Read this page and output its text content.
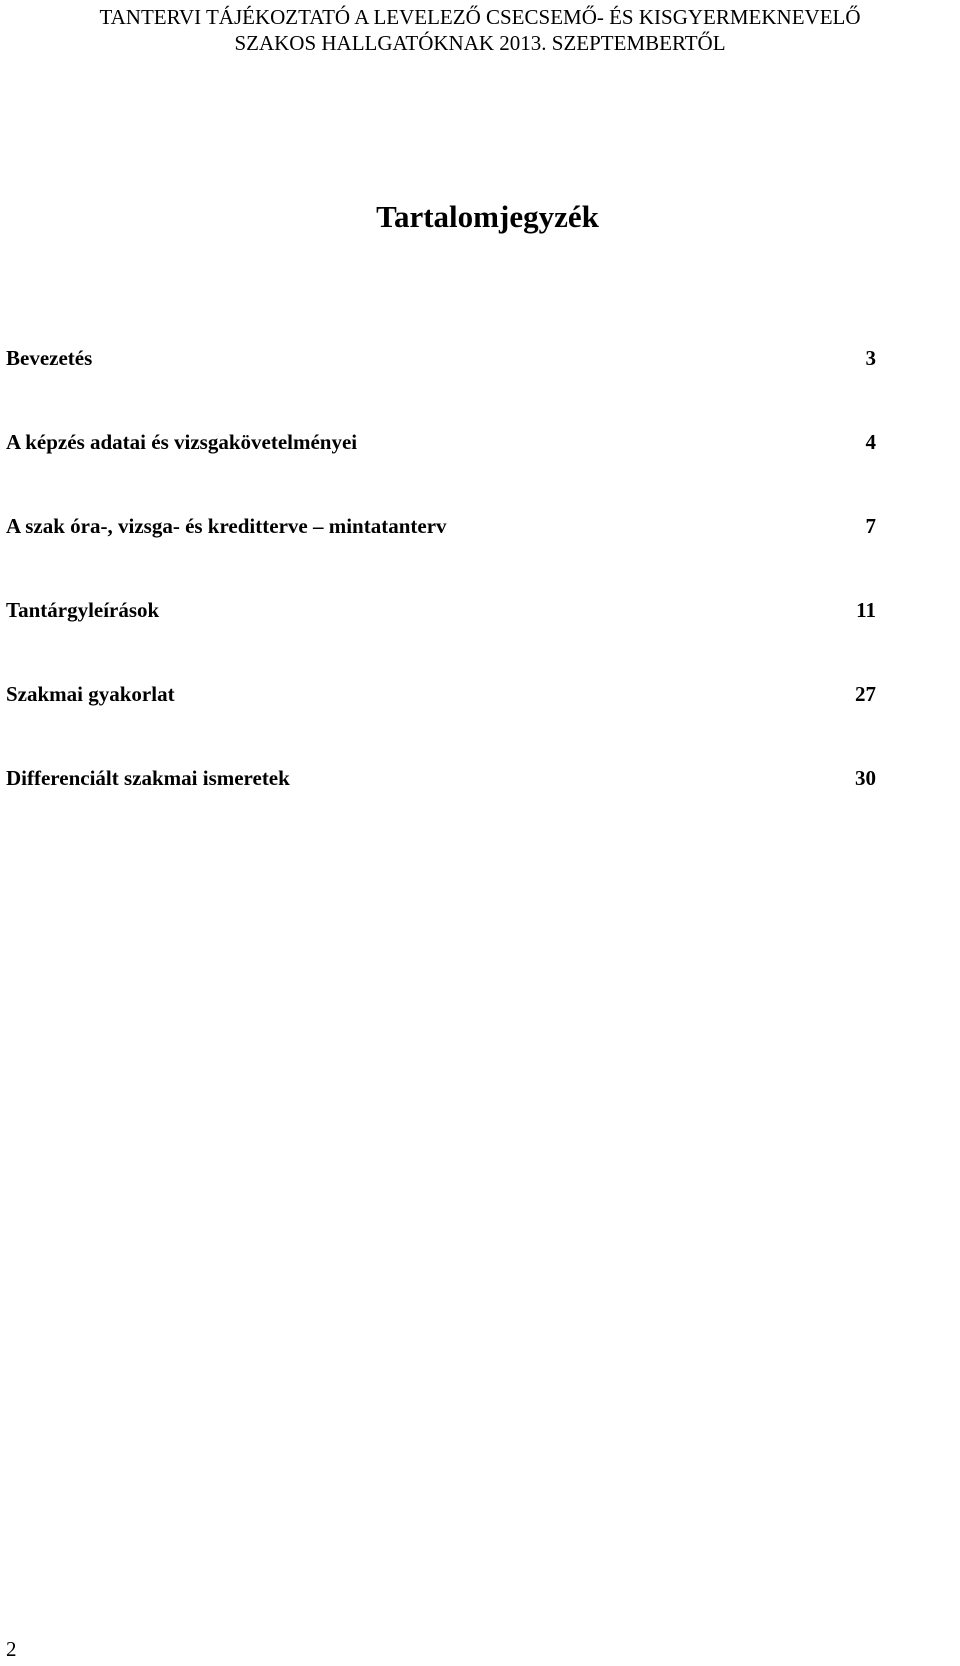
TANTERVI TÁJÉKOZTATÓ A LEVELEZŐ CSECSEMŐ- ÉS KISGYERMEKNEVELŐ
SZAKOS HALLGATÓKNAK 2013. SZEPTEMBERTŐL
Tartalomjegyzék
Bevezetés	3
A képzés adatai és vizsgakövetelményei	4
A szak óra-, vizsga- és kreditterve – mintatanterv	7
Tantárgyleírások	11
Szakmai gyakorlat	27
Differenciált szakmai ismeretek	30
2
